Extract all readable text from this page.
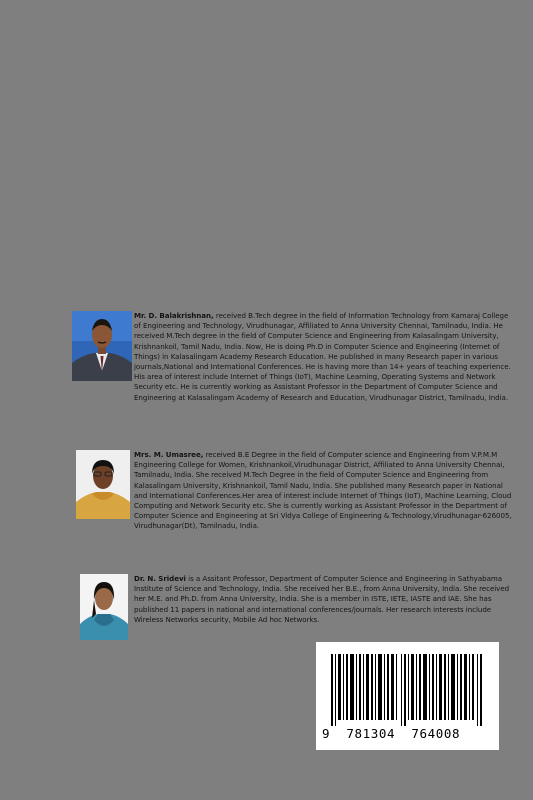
Mr. D. Balakrishnan, received B.Tech degree in the field of Information Technology from Kamaraj College of Engineering and Technology, Virudhunagar, Affiliated to Anna University Chennai, Tamilnadu, India. He received M.Tech degree in the field of Computer Science and Engineering from Kalasalingam University, Krishnankoil, Tamil Nadu, India. Now, He is doing Ph.D in Computer Science and Engineering (Internet of Things) in Kalasalingam Academy Research Education. He published in many Research paper in various journals,National and International Conferences. He is having more than 14+ years of teaching experience. His area of interest include Internet of Things (IoT), Machine Learning, Operating Systems and Network Security etc. He is currently working as Assistant Professor in the Department of Computer Science and Engineering at Kalasalingam Academy of Research and Education, Virudhunagar District, Tamilnadu, India.
Mrs. M. Umasree, received B.E Degree in the field of Computer science and Engineering from V.P.M.M Engineering College for Women, Krishnankoil,Virudhunagar District, Affiliated to Anna University Chennai, Tamilnadu, India. She received M.Tech Degree in the field of Computer Science and Engineering from Kalasalingam University, Krishnankoil, Tamil Nadu, India. She published many Research paper in National and International Conferences.Her area of interest include Internet of Things (IoT), Machine Learning, Cloud Computing and Network Security etc. She is currently working as Assistant Professor in the Department of Computer Science and Engineering at Sri Vidya College of Engineering & Technology,Virudhunagar-626005, Virudhunagar(Dt), Tamilnadu, India.
Dr. N. Sridevi is a Assitant Professor, Department of Computer Science and Engineering in Sathyabama Institute of Science and Technology, India. She received her B.E., from Anna University, India. She received her M.E. and Ph.D. from Anna University, India. She is a member in ISTE, IETE, IASTE and IAE. She has published 11 papers in national and international conferences/journals. Her research interests include Wireless Networks security, Mobile Ad hoc Networks.
9  781304  764008
